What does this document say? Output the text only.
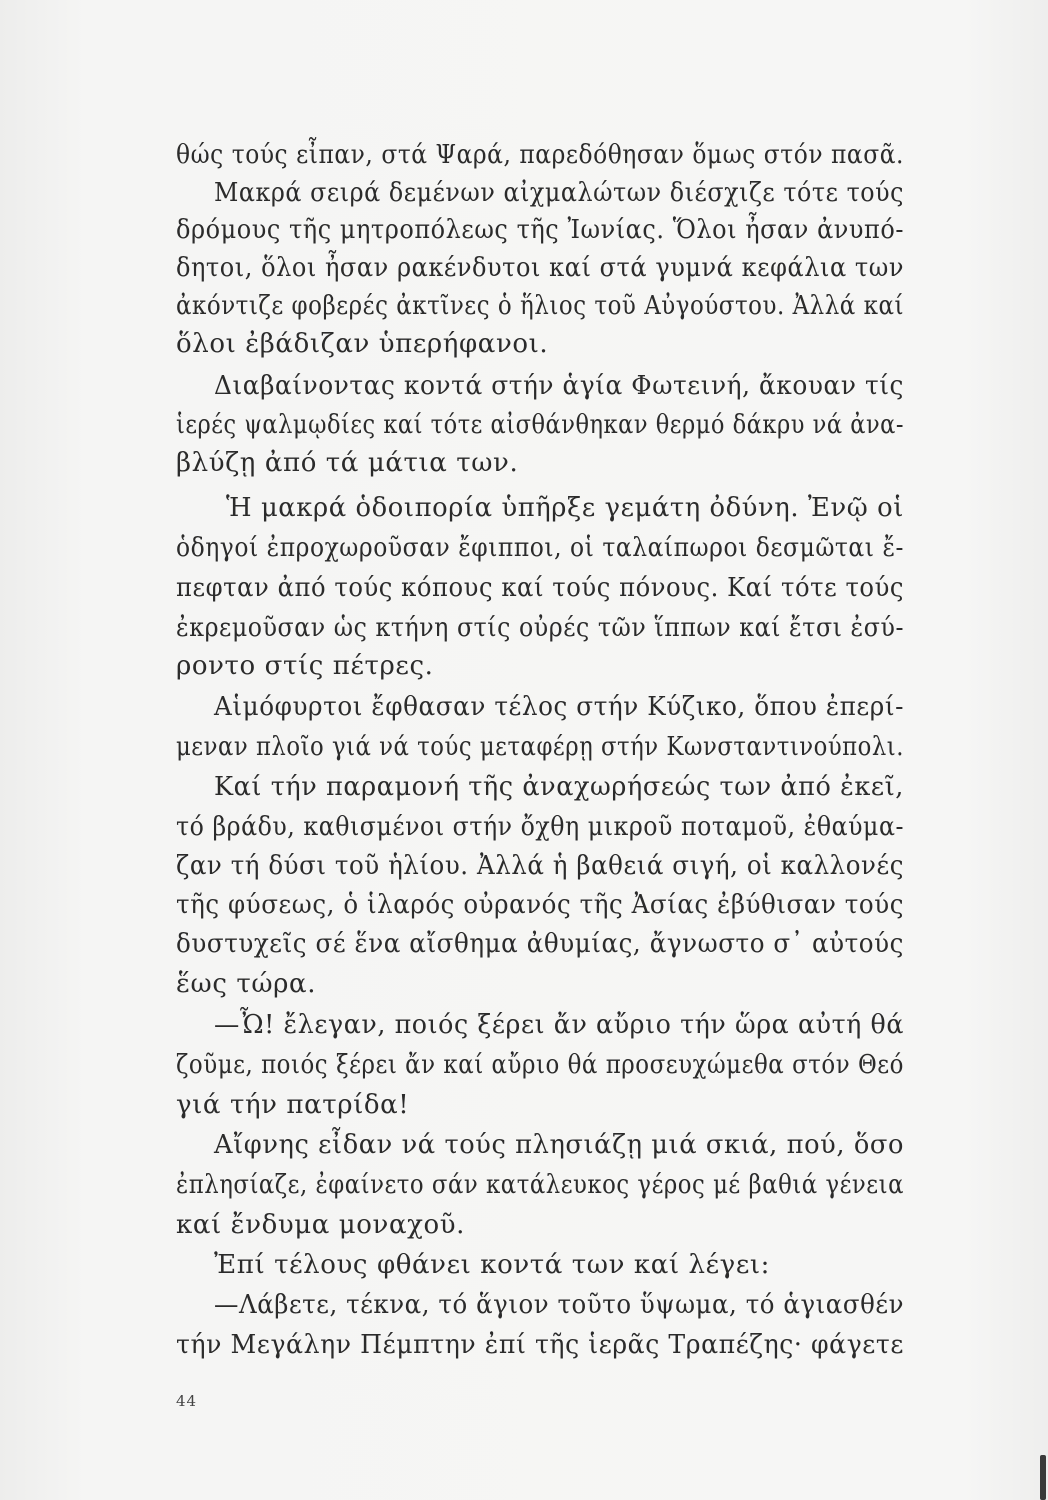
θώς τούς εἶπαν, στά Ψαρά, παρεδόθησαν ὅμως στόν πασᾶ.
Μακρά σειρά δεμένων αἰχμαλώτων διέσχιζε τότε τούς
δρόμους τῆς μητροπόλεως τῆς Ἰωνίας. Ὅλοι ἦσαν ἀνυπό-
δητοι, ὅλοι ἦσαν ρακένδυτοι καί στά γυμνά κεφάλια των
ἀκόντιζε φοβερές ἀκτῖνες ὁ ἥλιος τοῦ Αὐγούστου. Ἀλλά καί
ὅλοι ἐβάδιζαν ὑπερήφανοι.
Διαβαίνοντας κοντά στήν ἁγία Φωτεινή, ἄκουαν τίς
ἱερές ψαλμῳδίες καί τότε αἰσθάνθηκαν θερμό δάκρυ νά ἀνα-
βλύζῃ ἀπό τά μάτια των.
Ἡ μακρά ὁδοιπορία ὑπῆρξε γεμάτη ὀδύνη. Ἐνῷ οἱ
ὁδηγοί ἐπροχωροῦσαν ἔφιπποι, οἱ ταλαίπωροι δεσμῶται ἔ-
πεφταν ἀπό τούς κόπους καί τούς πόνους. Καί τότε τούς
ἐκρεμοῦσαν ὡς κτήνη στίς οὐρές τῶν ἵππων καί ἔτσι ἐσύ-
ροντο στίς πέτρες.
Αἱμόφυρτοι ἔφθασαν τέλος στήν Κύζικο, ὅπου ἐπερί-
μεναν πλοῖο γιά νά τούς μεταφέρῃ στήν Κωνσταντινούπολι.
Καί τήν παραμονή τῆς ἀναχωρήσεώς των ἀπό ἐκεῖ,
τό βράδυ, καθισμένοι στήν ὄχθη μικροῦ ποταμοῦ, ἐθαύμα-
ζαν τή δύσι τοῦ ἡλίου. Ἀλλά ἡ βαθειά σιγή, οἱ καλλονές
τῆς φύσεως, ὁ ἱλαρός οὐρανός τῆς Ἀσίας ἐβύθισαν τούς
δυστυχεῖς σέ ἕνα αἴσθημα ἀθυμίας, ἄγνωστο σ᾿ αὐτούς
ἕως τώρα.
—Ὦ! ἔλεγαν, ποιός ξέρει ἄν αὔριο τήν ὥρα αὐτή θά
ζοῦμε, ποιός ξέρει ἄν καί αὔριο θά προσευχώμεθα στόν Θεό
γιά τήν πατρίδα!
Αἴφνης εἶδαν νά τούς πλησιάζῃ μιά σκιά, πού, ὅσο
ἐπλησίαζε, ἐφαίνετο σάν κατάλευκος γέρος μέ βαθιά γένεια
καί ἔνδυμα μοναχοῦ.
Ἐπί τέλους φθάνει κοντά των καί λέγει:
—Λάβετε, τέκνα, τό ἅγιον τοῦτο ὕψωμα, τό ἁγιασθέν
τήν Μεγάλην Πέμπτην ἐπί τῆς ἱερᾶς Τραπέζης· φάγετε
44
